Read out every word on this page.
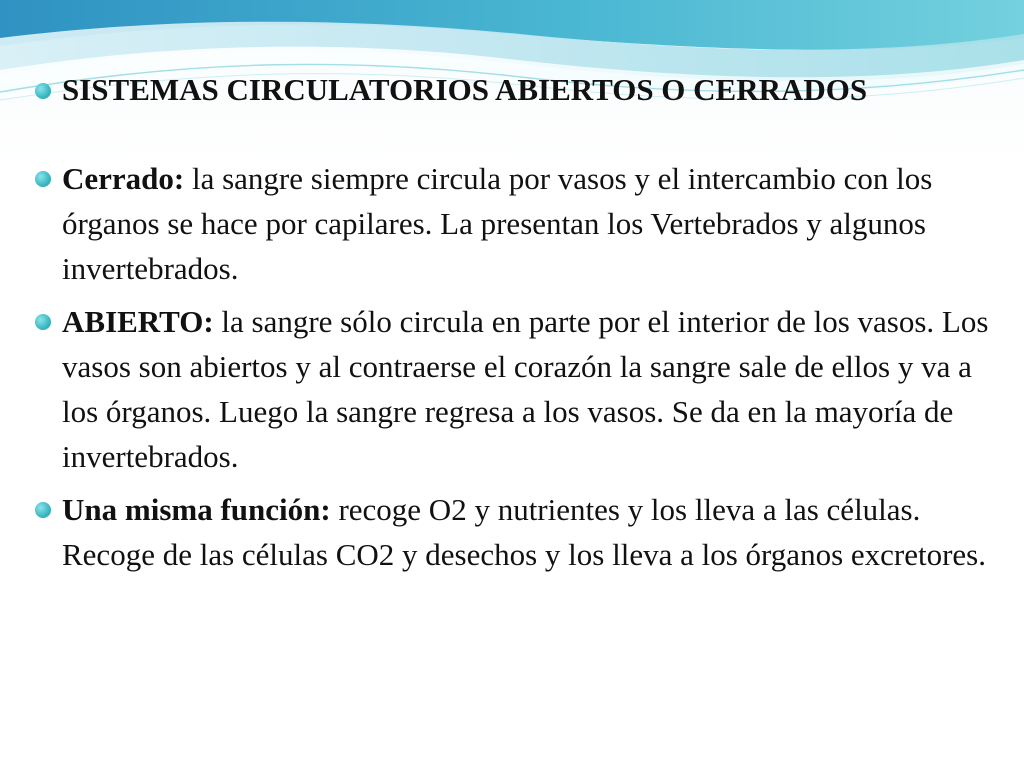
SISTEMAS CIRCULATORIOS ABIERTOS O CERRADOS
Cerrado: la sangre siempre circula por vasos y el intercambio con los órganos se hace por capilares. La presentan los Vertebrados y algunos invertebrados.
ABIERTO: la sangre sólo circula en parte por el interior de los vasos. Los vasos son abiertos y al contraerse el corazón la sangre sale de ellos y va a los órganos. Luego la sangre regresa a los vasos. Se da en la mayoría de invertebrados.
Una misma función: recoge O2 y nutrientes y los lleva a las células. Recoge de las células CO2 y desechos y los lleva a los órganos excretores.
